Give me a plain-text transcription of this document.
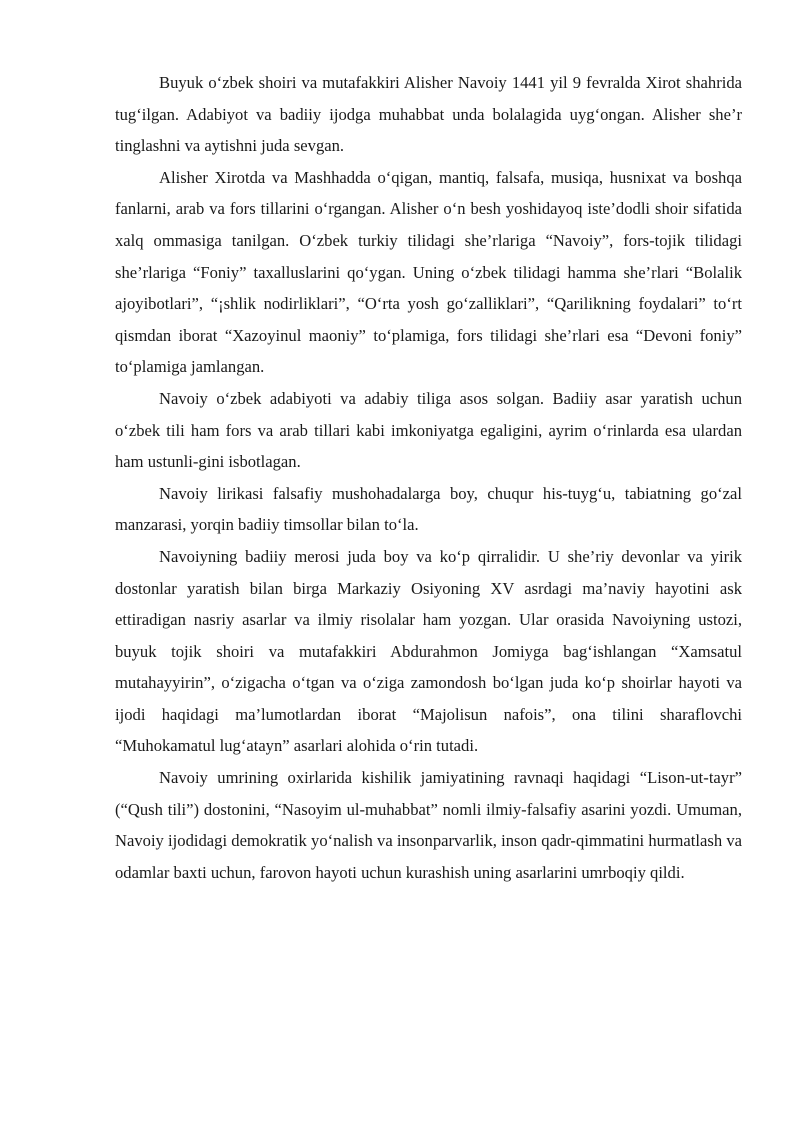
Buyuk o‘zbek shoiri va mutafakkiri Alisher Navoiy 1441 yil 9 fevralda Xirot shahrida tug‘ilgan. Adabiyot va badiiy ijodga muhabbat unda bolalagida uyg‘ongan. Alisher she’r tinglashni va aytishni juda sevgan.

Alisher Xirotda va Mashhadda o‘qigan, mantiq, falsafa, musiqa, husnixat va boshqa fanlarni, arab va fors tillarini o‘rgangan. Alisher o‘n besh yoshidayoq iste’dodli shoir sifatida xalq ommasiga tanilgan. O‘zbek turkiy tilidagi she’rlariga “Navoiy”, fors-tojik tilidagi she’rlariga “Foniy” taxalluslarini qo‘ygan. Uning o‘zbek tilidagi hamma she’rlari “Bolalik ajoyibotlari”, “¡shlik nodirliklari”, “O‘rta yosh go‘zalliklari”, “Qarilikning foydalari” to‘rt qismdan iborat “Xazoyinul maoniy” to‘plamiga, fors tilidagi she’rlari esa “Devoni foniy” to‘plamiga jamlangan.

Navoiy o‘zbek adabiyoti va adabiy tiliga asos solgan. Badiiy asar yaratish uchun o‘zbek tili ham fors va arab tillari kabi imkoniyatga egaligini, ayrim o‘rinlarda esa ulardan ham ustunli-gini isbotlagan.

Navoiy lirikasi falsafiy mushohadalarga boy, chuqur his-tuyg‘u, tabiatning go‘zal manzarasi, yorqin badiiy timsollar bilan to‘la.

Navoiyning badiiy merosi juda boy va ko‘p qirralidir. U she’riy devonlar va yirik dostonlar yaratish bilan birga Markaziy Osiyoning XV asrdagi ma’naviy hayotini ask ettiradigan nasriy asarlar va ilmiy risolalar ham yozgan. Ular orasida Navoiyning ustozi, buyuk tojik shoiri va mutafakkiri Abdurahmon Jomiyga bag‘ishlangan “Xamsatul mutahayyirin”, o‘zigacha o‘tgan va o‘ziga zamondosh bo‘lgan juda ko‘p shoirlar hayoti va ijodi haqidagi ma’lumotlardan iborat “Majolisun nafois”, ona tilini sharaflovchi “Muhokamatul lug‘atayn” asarlari alohida o‘rin tutadi.

Navoiy umrining oxirlarida kishilik jamiyatining ravnaqi haqidagi “Lison-ut-tayr” (“Qush tili”) dostonini, “Nasoyim ul-muhabbat” nomli ilmiy-falsafiy asarini yozdi. Umuman, Navoiy ijodidagi demokratik yo‘nalish va insonparvarlik, inson qadr-qimmatini hurmatlash va odamlar baxti uchun, farovon hayoti uchun kurashish uning asarlarini umrboqiy qildi.
